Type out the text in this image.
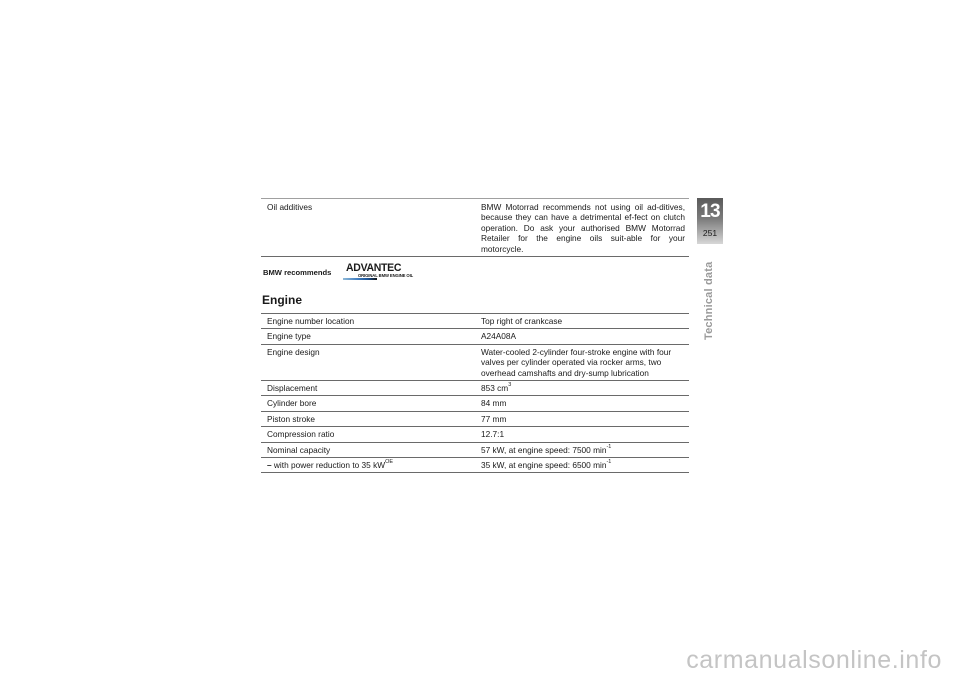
Oil additives	BMW Motorrad recommends not using oil ad-ditives, because they can have a detrimental ef-fect on clutch operation. Do ask your authorised BMW Motorrad Retailer for the engine oils suit-able for your motorcycle.
BMW recommends ADVANTEC
ORIGINAL BMW ENGINE OIL
Engine
Engine number location	Top right of crankcase
Engine type	A24A08A
Engine design	Water-cooled 2-cylinder four-stroke engine with four valves per cylinder operated via rocker arms, two overhead camshafts and dry-sump lubrication
Displacement	853 $cm^3$
Cylinder bore	84 mm
Piston stroke	77 mm
Compression ratio	12.7:1
Nominal capacity	57 kW, at engine speed: 7500 $\min^{-1}$
– with power reduction to 35 $kW^{OE}$	35 kW, at engine speed: 6500 $\min^{-1}$
13
251
Technical data
carmanualsonline.info
